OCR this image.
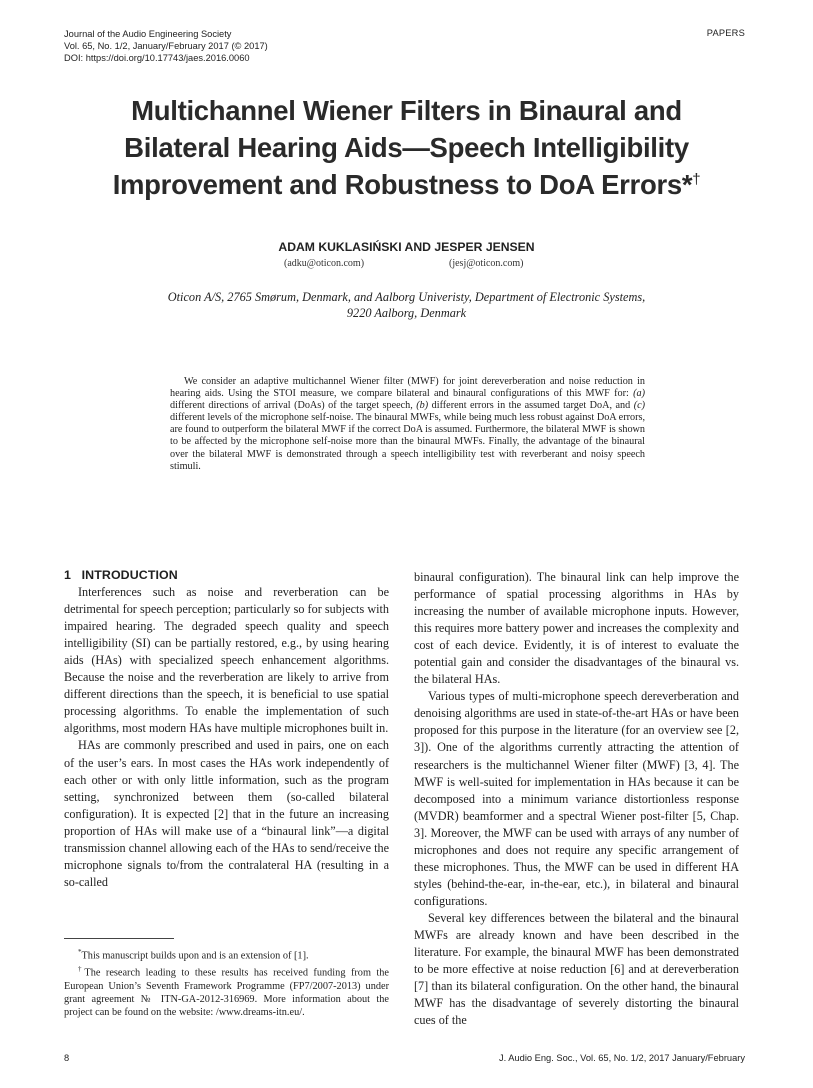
Journal of the Audio Engineering Society
Vol. 65, No. 1/2, January/February 2017 (© 2017)
DOI: https://doi.org/10.17743/jaes.2016.0060
PAPERS
Multichannel Wiener Filters in Binaural and
Bilateral Hearing Aids—Speech Intelligibility
Improvement and Robustness to DoA Errors*†
ADAM KUKLASIŃSKI AND JESPER JENSEN
(adku@oticon.com)	(jesj@oticon.com)
Oticon A/S, 2765 Smørum, Denmark, and Aalborg Univeristy, Department of Electronic Systems,
9220 Aalborg, Denmark
We consider an adaptive multichannel Wiener filter (MWF) for joint dereverberation and noise reduction in hearing aids. Using the STOI measure, we compare bilateral and binaural configurations of this MWF for: (a) different directions of arrival (DoAs) of the target speech, (b) different errors in the assumed target DoA, and (c) different levels of the microphone self-noise. The binaural MWFs, while being much less robust against DoA errors, are found to outperform the bilateral MWF if the correct DoA is assumed. Furthermore, the bilateral MWF is shown to be affected by the microphone self-noise more than the binaural MWFs. Finally, the advantage of the binaural over the bilateral MWF is demonstrated through a speech intelligibility test with reverberant and noisy speech stimuli.

1 INTRODUCTION

Interferences such as noise and reverberation can be detrimental for speech perception; particularly so for subjects with impaired hearing. The degraded speech quality and speech intelligibility (SI) can be partially restored, e.g., by using hearing aids (HAs) with specialized speech enhancement algorithms. Because the noise and the reverberation are likely to arrive from different directions than the speech, it is beneficial to use spatial processing algorithms. To enable the implementation of such algorithms, most modern HAs have multiple microphones built in.

HAs are commonly prescribed and used in pairs, one on each of the user’s ears. In most cases the HAs work independently of each other or with only little information, such as the program setting, synchronized between them (so-called bilateral configuration). It is expected [2] that in the future an increasing proportion of HAs will make use of a “binaural link”—a digital transmission channel allowing each of the HAs to send/receive the microphone signals to/from the contralateral HA (resulting in a so-called

binaural configuration). The binaural link can help improve the performance of spatial processing algorithms in HAs by increasing the number of available microphone inputs. However, this requires more battery power and increases the complexity and cost of each device. Evidently, it is of interest to evaluate the potential gain and consider the disadvantages of the binaural vs. the bilateral HAs.

Various types of multi-microphone speech dereverberation and denoising algorithms are used in state-of-the-art HAs or have been proposed for this purpose in the literature (for an overview see [2, 3]). One of the algorithms currently attracting the attention of researchers is the multichannel Wiener filter (MWF) [3, 4]. The MWF is well-suited for implementation in HAs because it can be decomposed into a minimum variance distortionless response (MVDR) beamformer and a spectral Wiener post-filter [5, Chap. 3]. Moreover, the MWF can be used with arrays of any number of microphones and does not require any specific arrangement of these microphones. Thus, the MWF can be used in different HA styles (behind-the-ear, in-the-ear, etc.), in bilateral and binaural configurations.

Several key differences between the bilateral and the binaural MWFs are already known and have been described in the literature. For example, the binaural MWF has been demonstrated to be more effective at noise reduction [6] and at dereverberation [7] than its bilateral configuration. On the other hand, the binaural MWF has the disadvantage of severely distorting the binaural cues of the

*This manuscript builds upon and is an extension of [1].

†The research leading to these results has received funding from the European Union’s Seventh Framework Programme (FP7/2007-2013) under grant agreement № ITN-GA-2012-316969. More information about the project can be found on the website: /www.dreams-itn.eu/.

8	J. Audio Eng. Soc., Vol. 65, No. 1/2, 2017 January/February
